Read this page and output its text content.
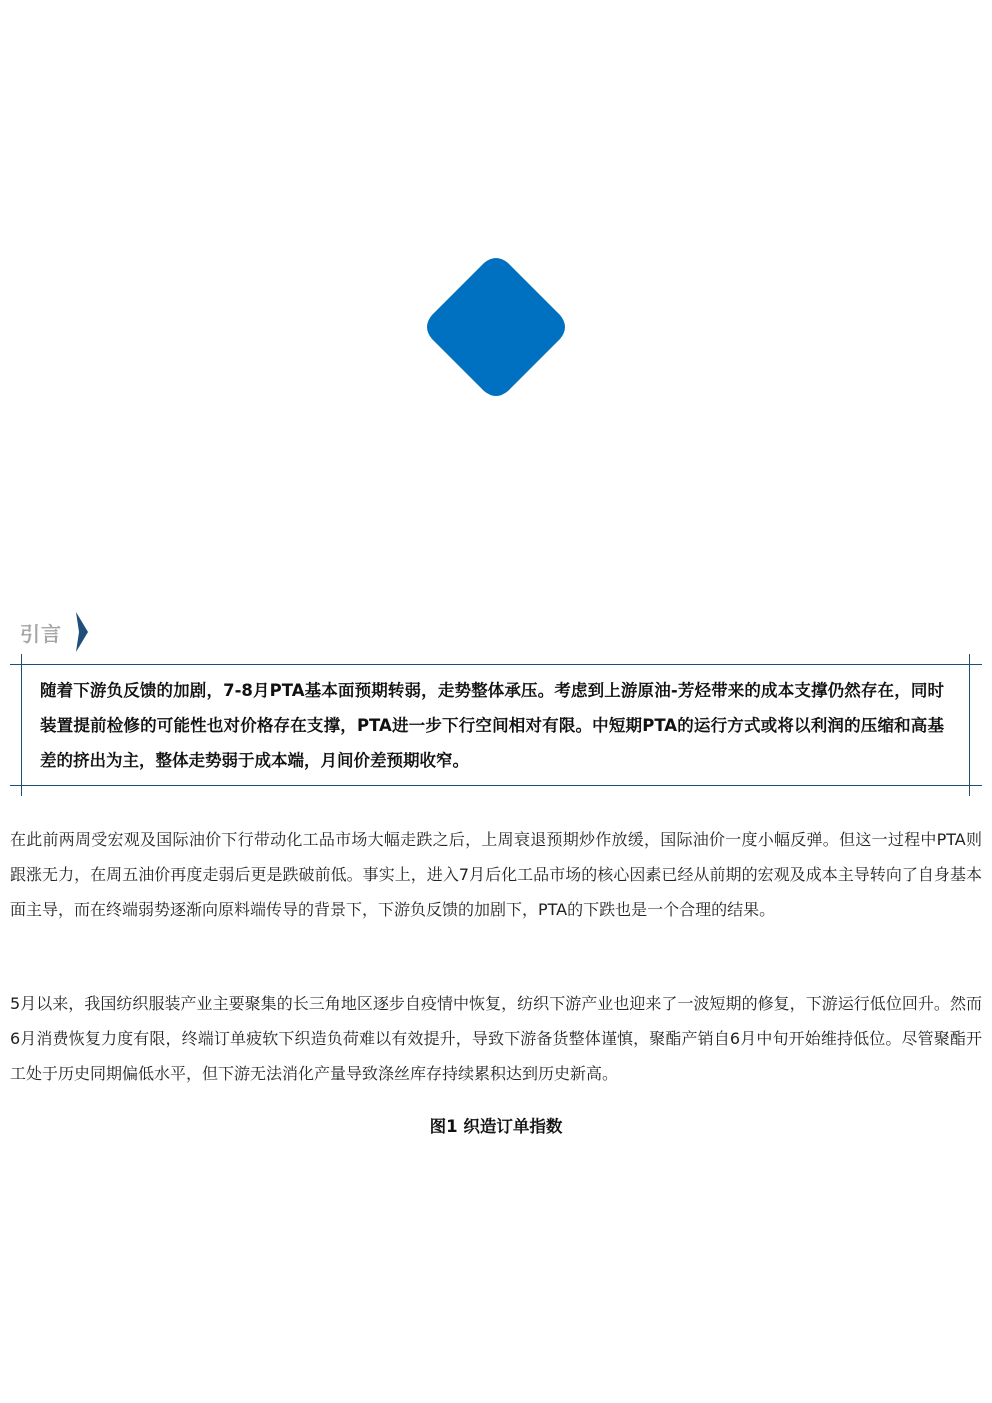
引言
随着下游负反馈的加剧，7-8月PTA基本面预期转弱，走势整体承压。考虑到上游原油-芳烃带来的成本支撑仍然存在，同时装置提前检修的可能性也对价格存在支撑，PTA进一步下行空间相对有限。中短期PTA的运行方式或将以利润的压缩和高基差的挤出为主，整体走势弱于成本端，月间价差预期收窄。

在此前两周受宏观及国际油价下行带动化工品市场大幅走跌之后，上周衰退预期炒作放缓，国际油价一度小幅反弹。但这一过程中PTA则跟涨无力，在周五油价再度走弱后更是跌破前低。事实上，进入7月后化工品市场的核心因素已经从前期的宏观及成本主导转向了自身基本面主导，而在终端弱势逐渐向原料端传导的背景下，下游负反馈的加剧下，PTA的下跌也是一个合理的结果。

5月以来，我国纺织服装产业主要聚集的长三角地区逐步自疫情中恢复，纺织下游产业也迎来了一波短期的修复，下游运行低位回升。然而6月消费恢复力度有限，终端订单疲软下织造负荷难以有效提升，导致下游备货整体谨慎，聚酯产销自6月中旬开始维持低位。尽管聚酯开工处于历史同期偏低水平，但下游无法消化产量导致涤丝库存持续累积达到历史新高。

图1 织造订单指数
